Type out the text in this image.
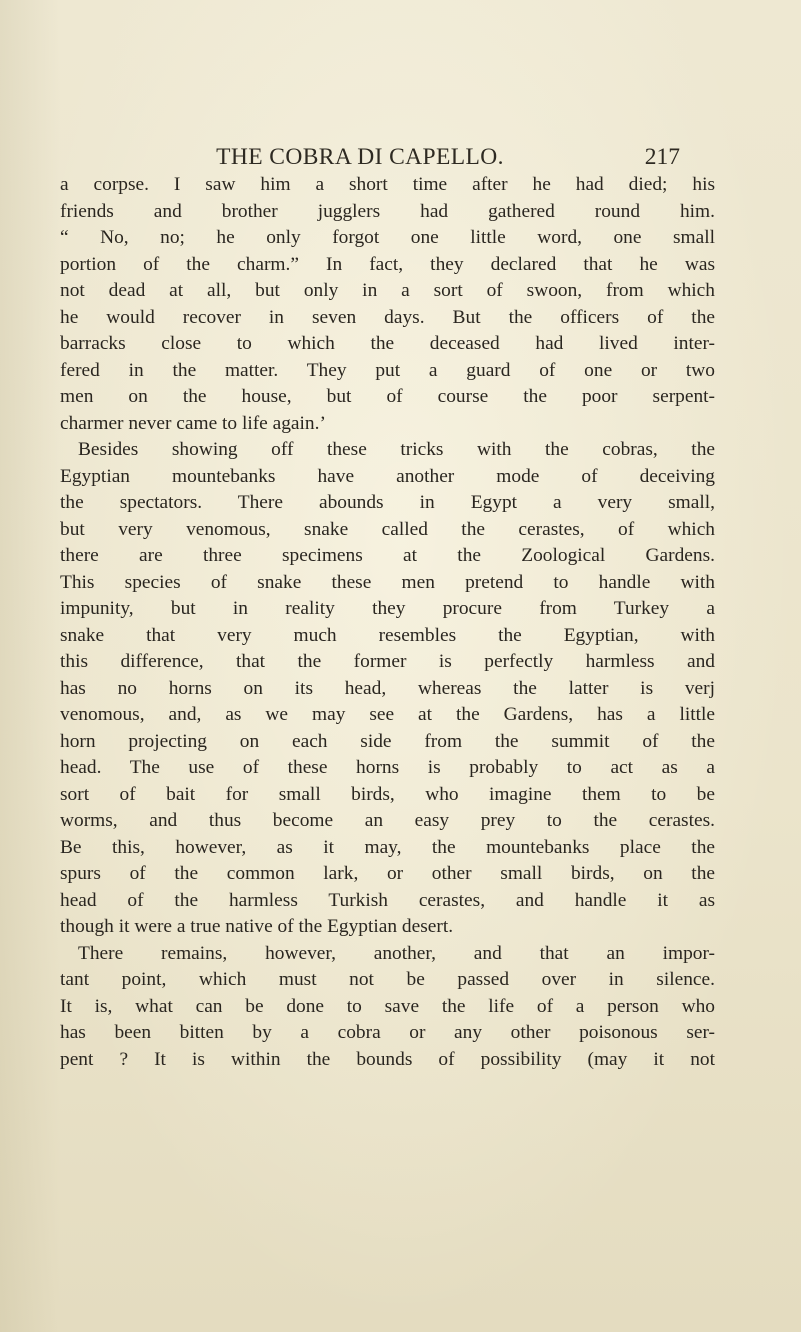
THE COBRA DI CAPELLO.	217
a corpse. I saw him a short time after he had died; his
friends and brother jugglers had gathered round him.
“ No, no; he only forgot one little word, one small
portion of the charm.” In fact, they declared that he was
not dead at all, but only in a sort of swoon, from which
he would recover in seven days. But the officers of the
barracks close to which the deceased had lived inter-
fered in the matter. They put a guard of one or two
men on the house, but of course the poor serpent-
charmer never came to life again.’
Besides showing off these tricks with the cobras, the
Egyptian mountebanks have another mode of deceiving
the spectators. There abounds in Egypt a very small,
but very venomous, snake called the cerastes, of which
there are three specimens at the Zoological Gardens.
This species of snake these men pretend to handle with
impunity, but in reality they procure from Turkey a
snake that very much resembles the Egyptian, with
this difference, that the former is perfectly harmless and
has no horns on its head, whereas the latter is verj
venomous, and, as we may see at the Gardens, has a little
horn projecting on each side from the summit of the
head. The use of these horns is probably to act as a
sort of bait for small birds, who imagine them to be
worms, and thus become an easy prey to the cerastes.
Be this, however, as it may, the mountebanks place the
spurs of the common lark, or other small birds, on the
head of the harmless Turkish cerastes, and handle it as
though it were a true native of the Egyptian desert.
There remains, however, another, and that an impor-
tant point, which must not be passed over in silence.
It is, what can be done to save the life of a person who
has been bitten by a cobra or any other poisonous ser-
pent ? It is within the bounds of possibility (may it not
